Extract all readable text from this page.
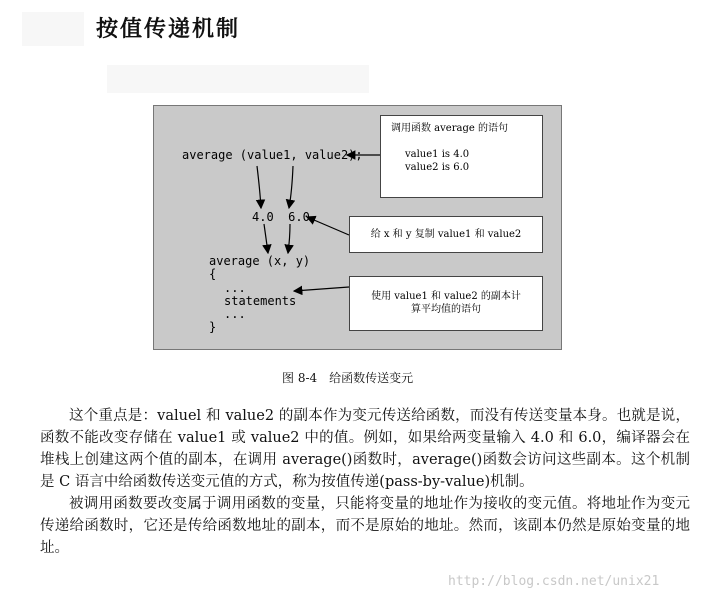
按值传递机制
average (value1, value2);
4.0  6.0
average (x, y)
{
...
statements
...
}
调用函数 average 的语句
value1 is 4.0
value2 is 6.0
给 x 和 y 复制 value1 和 value2
使用 value1 和 value2 的副本计
算平均值的语句
图 8-4 给函数传送变元

这个重点是：valuel 和 value2 的副本作为变元传送给函数，而没有传送变量本身。也就是说，函数不能改变存储在 value1 或 value2 中的值。例如，如果给两变量输入 4.0 和 6.0，编译器会在堆栈上创建这两个值的副本，在调用 average()函数时，average()函数会访问这些副本。这个机制是 C 语言中给函数传送变元值的方式，称为按值传递(pass-by-value)机制。

被调用函数要改变属于调用函数的变量，只能将变量的地址作为接收的变元值。将地址作为变元传递给函数时，它还是传给函数地址的副本，而不是原始的地址。然而，该副本仍然是原始变量的地址。

http://blog.csdn.net/unix21
